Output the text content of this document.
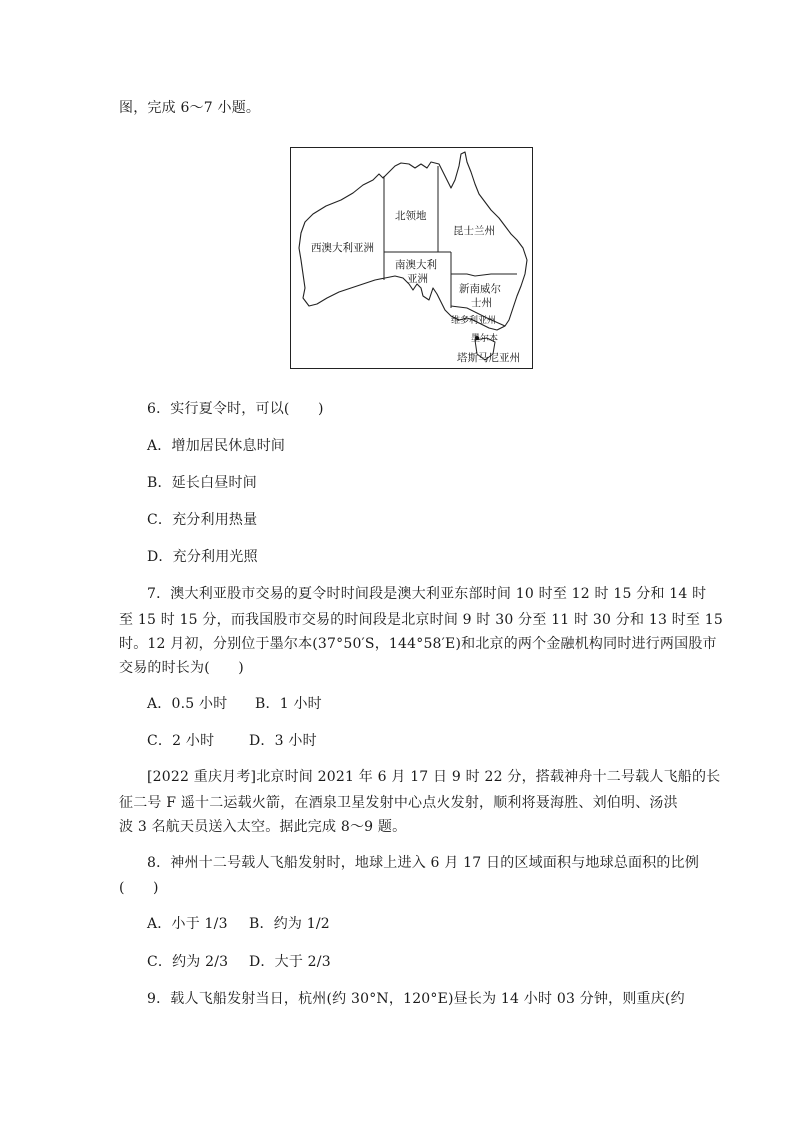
图，完成 6～7 小题。
西澳大利亚洲
北领地
昆士兰州
南澳大利
亚洲
新南威尔
士州
维多利亚州
墨尔本
塔斯马尼亚州
6．实行夏令时，可以(　　)
A．增加居民休息时间
B．延长白昼时间
C．充分利用热量
D．充分利用光照
7．澳大利亚股市交易的夏令时时间段是澳大利亚东部时间 10 时至 12 时 15 分和 14 时
至 15 时 15 分，而我国股市交易的时间段是北京时间 9 时 30 分至 11 时 30 分和 13 时至 15
时。12 月初，分别位于墨尔本(37°50′S，144°58′E)和北京的两个金融机构同时进行两国股市
交易的时长为(　　)
A．0.5 小时 B．1 小时
C．2 小时 D．3 小时
[2022 重庆月考]北京时间 2021 年 6 月 17 日 9 时 22 分，搭载神舟十二号载人飞船的长
征二号 F 遥十二运载火箭，在酒泉卫星发射中心点火发射，顺利将聂海胜、刘伯明、汤洪
波 3 名航天员送入太空。据此完成 8～9 题。
8．神州十二号载人飞船发射时，地球上进入 6 月 17 日的区域面积与地球总面积的比例
(　　)
A．小于 1/3 B．约为 1/2
C．约为 2/3 D．大于 2/3
9．载人飞船发射当日，杭州(约 30°N，120°E)昼长为 14 小时 03 分钟，则重庆(约
